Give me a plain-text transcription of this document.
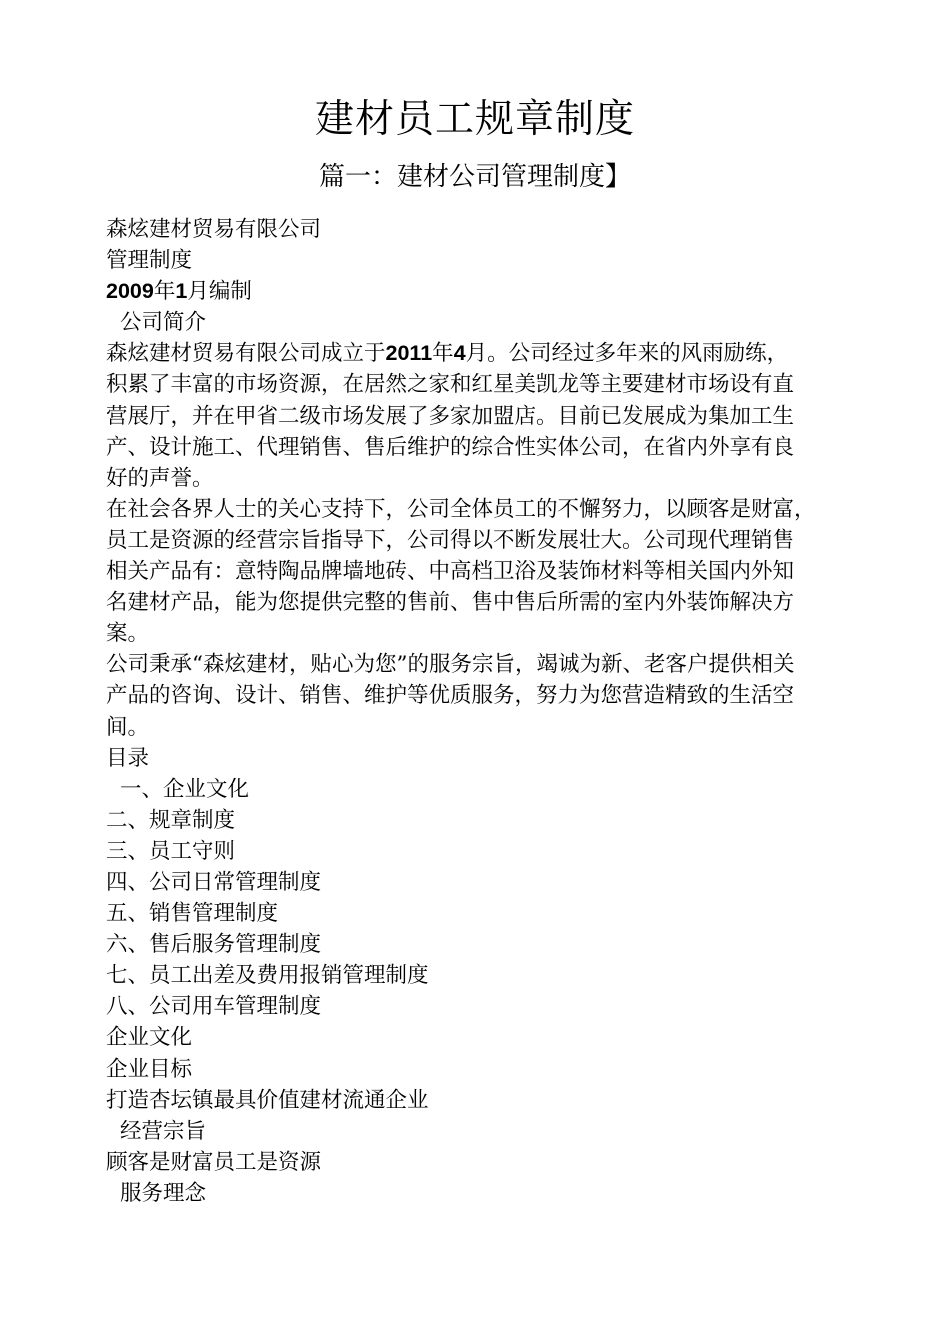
建材员工规章制度
篇一：建材公司管理制度】

森炫建材贸易有限公司

管理制度

2009年1月编制

公司简介

森炫建材贸易有限公司成立于2011年4月。公司经过多年来的风雨励练，

积累了丰富的市场资源，在居然之家和红星美凯龙等主要建材市场设有直

营展厅，并在甲省二级市场发展了多家加盟店。目前已发展成为集加工生

产、设计施工、代理销售、售后维护的综合性实体公司，在省内外享有良

好的声誉。

在社会各界人士的关心支持下，公司全体员工的不懈努力，以顾客是财富，

员工是资源的经营宗旨指导下，公司得以不断发展壮大。公司现代理销售

相关产品有：意特陶品牌墙地砖、中高档卫浴及装饰材料等相关国内外知

名建材产品，能为您提供完整的售前、售中售后所需的室内外装饰解决方

案。

公司秉承“森炫建材，贴心为您”的服务宗旨，竭诚为新、老客户提供相关

产品的咨询、设计、销售、维护等优质服务，努力为您营造精致的生活空

间。

目录

一、企业文化

二、规章制度

三、员工守则

四、公司日常管理制度

五、销售管理制度

六、售后服务管理制度

七、员工出差及费用报销管理制度

八、公司用车管理制度

企业文化

企业目标

打造杏坛镇最具价值建材流通企业

经营宗旨

顾客是财富员工是资源

服务理念
